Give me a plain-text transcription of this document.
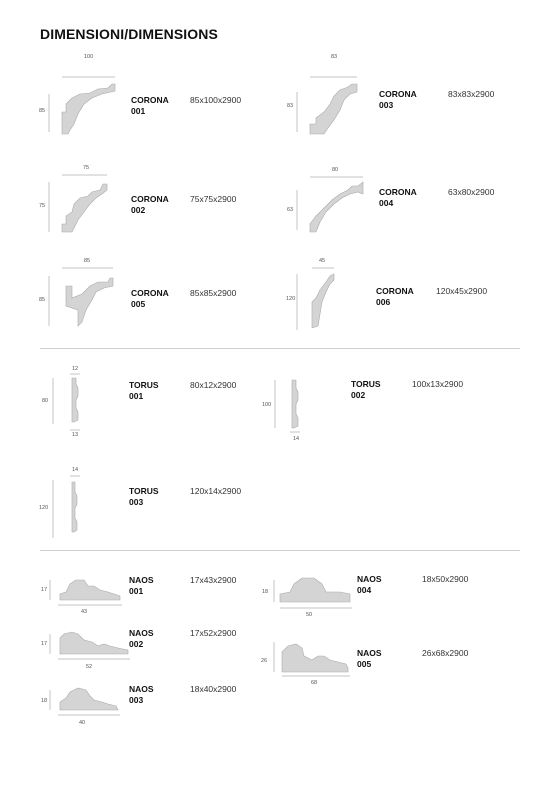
DIMENSIONI/DIMENSIONS
100
85
CORONA
001
85x100x2900
83
83
CORONA
003
83x83x2900
75
75
CORONA
002
75x75x2900
80
63
CORONA
004
63x80x2900
85
85
CORONA
005
85x85x2900
45
120
CORONA
006
120x45x2900
12
13
80
TORUS
001
80x12x2900
14
100
TORUS
002
100x13x2900
14
120
TORUS
003
120x14x2900
17
43
NAOS
001
17x43x2900
18
50
NAOS
004
18x50x2900
17
52
NAOS
002
17x52x2900
26
68
NAOS
005
26x68x2900
18
40
NAOS
003
18x40x2900
